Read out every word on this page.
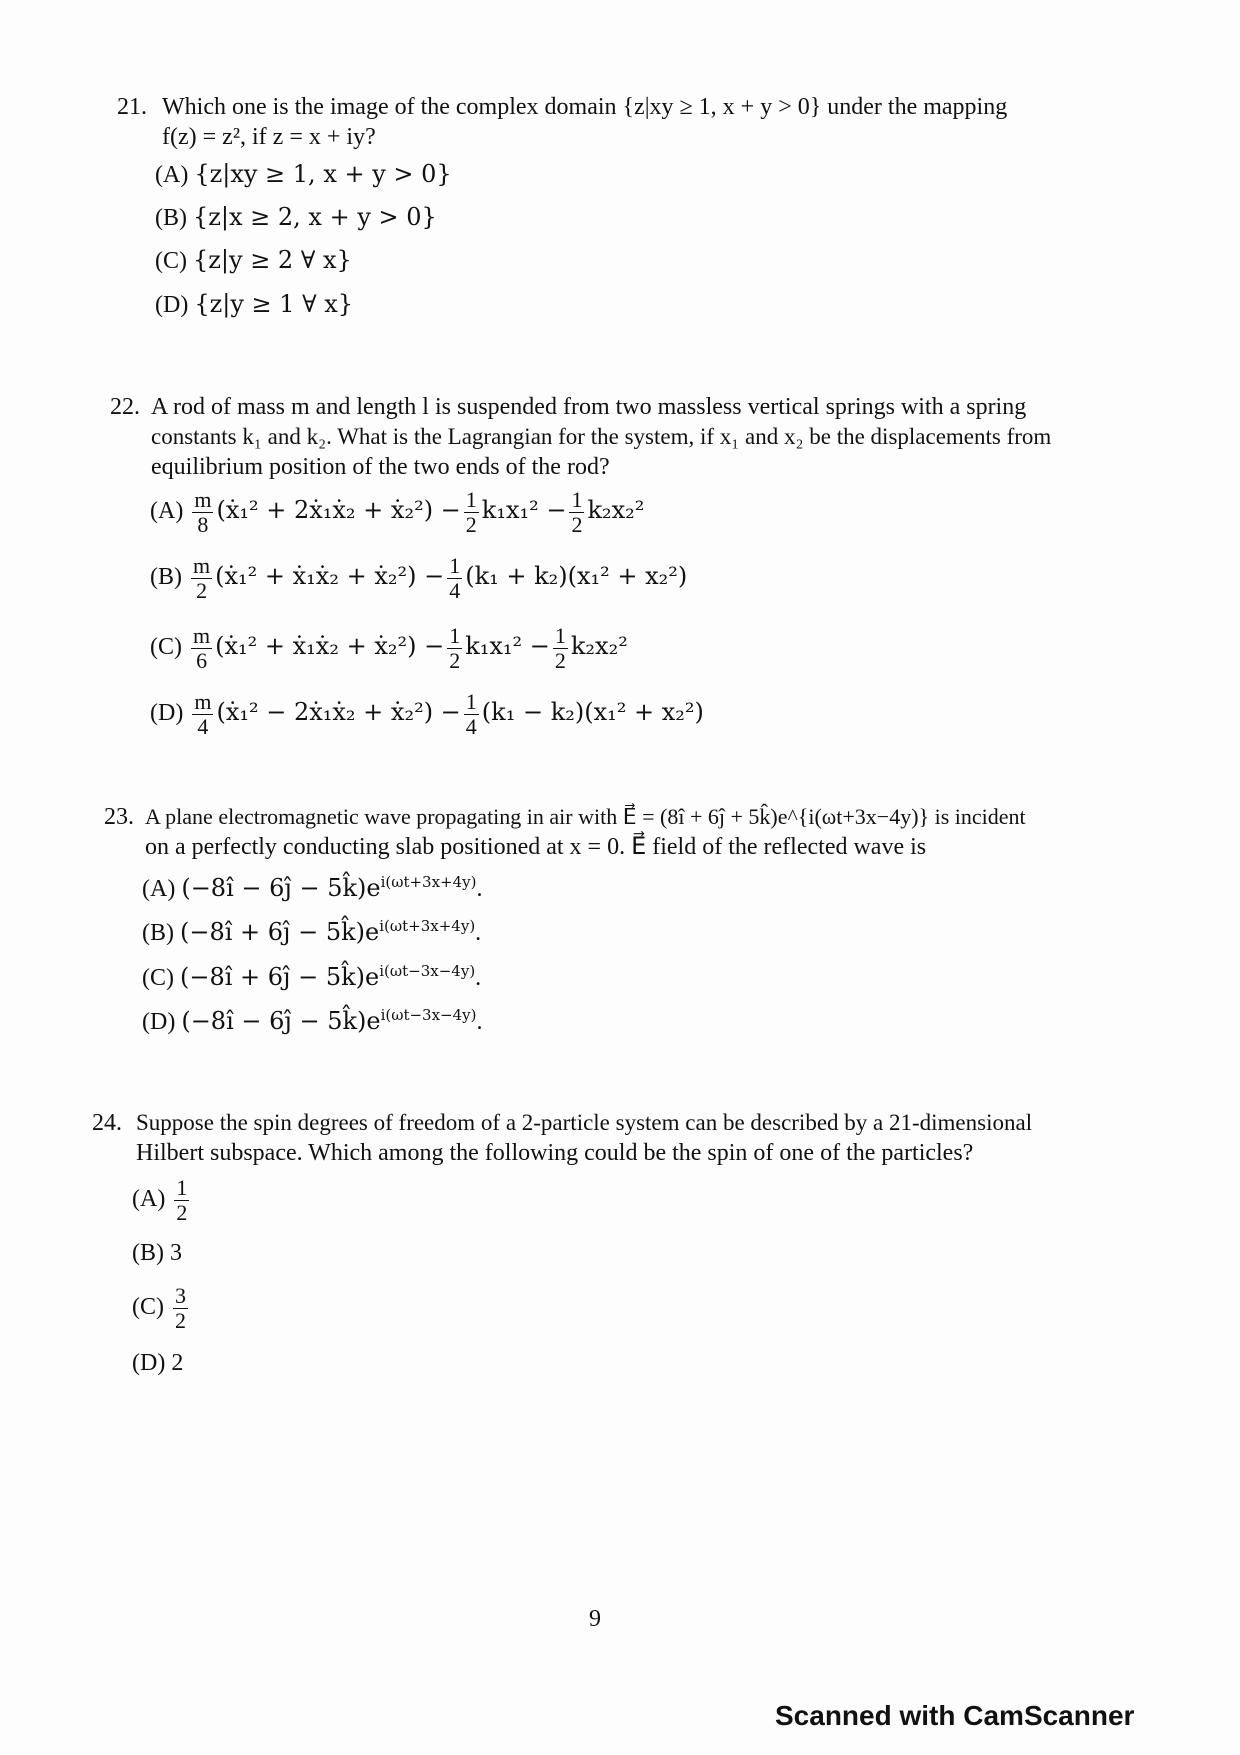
21. Which one is the image of the complex domain {z|xy ≥ 1, x + y > 0} under the mapping
f(z) = z², if z = x + iy?
(A) {z|xy ≥ 1, x + y > 0}
(B) {z|x ≥ 2, x + y > 0}
(C) {z|y ≥ 2 ∀ x}
(D) {z|y ≥ 1 ∀ x}
22. A rod of mass m and length l is suspended from two massless vertical springs with a spring
constants k₁ and k₂. What is the Lagrangian for the system, if x₁ and x₂ be the displacements from
equilibrium position of the two ends of the rod?
$(A) \frac{m}{8}$ (ẋ₁² + 2ẋ₁ẋ₂ + ẋ₂²) − $\frac{1}{2} k_1x_1^2 - \frac{1}{2} k_2x_2^2$
$(B) \frac{m}{2}$ (ẋ₁² + ẋ₁ẋ₂ + ẋ₂²) − $\frac{1}{4} (k_1 + k_2)(x_1^2 + x_2^2)$
$(C) \frac{m}{6}$ (ẋ₁² + ẋ₁ẋ₂ + ẋ₂²) − $\frac{1}{2} k_1x_1^2 - \frac{1}{2} k_2x_2^2$
$(D) \frac{m}{4}$ (ẋ₁² − 2ẋ₁ẋ₂ + ẋ₂²) − $\frac{1}{4} (k_1 - k_2)(x_1^2 + x_2^2)$
23. A plane electromagnetic wave propagating in air with E⃗ = (8î + 6ĵ + 5k̂)e^{i(ωt+3x−4y)} is incident
on a perfectly conducting slab positioned at x = 0. E⃗ field of the reflected wave is
(A) (−8î − 6ĵ − $5k̂)e^{i(\omega t+3x+4y)}$.
(B) (−8î + 6ĵ − $5k̂)e^{i(\omega t+3x+4y)}$.
(C) (−8î + 6ĵ − $5k̂)e^{i(\omega t-3x-4y)}$.
(D) (−8î − 6ĵ − $5k̂)e^{i(\omega t-3x-4y)}$.
24. Suppose the spin degrees of freedom of a 2-particle system can be described by a 21-dimensional
Hilbert subspace. Which among the following could be the spin of one of the particles?
$(A) \frac{1}{2}$
(B) 3
$(C) \frac{3}{2}$
(D) 2
9
Scanned with CamScanner
